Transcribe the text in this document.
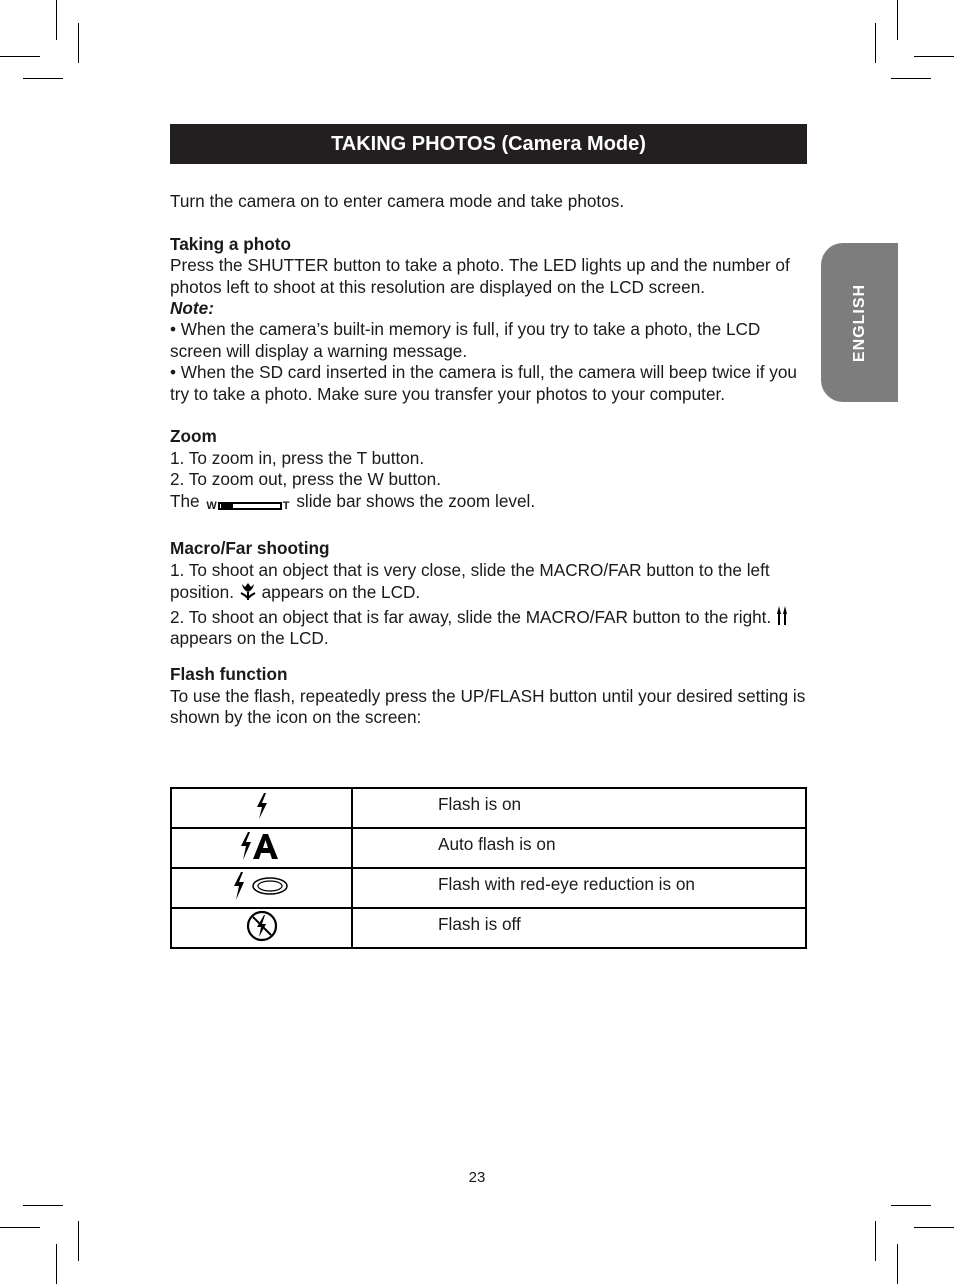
TAKING PHOTOS (Camera Mode)
ENGLISH

Turn the camera on to enter camera mode and take photos.

Taking a photo

Press the SHUTTER button to take a photo. The LED lights up and the number of photos left to shoot at this resolution are displayed on the LCD screen.

Note:

• When the camera’s built-in memory is full, if you try to take a photo, the LCD screen will display a warning message.

• When the SD card inserted in the camera is full, the camera will beep twice if you try to take a photo. Make sure you transfer your photos to your computer.

Zoom

1. To zoom in, press the T button.

2. To zoom out, press the W button.

The W	T slide bar shows the zoom level.

Macro/Far shooting

1. To shoot an object that is very close, slide the MACRO/FAR button to the left position. appears on the LCD.

2. To shoot an object that is far away, slide the MACRO/FAR button to the right.  appears on the LCD.

Flash function

To use the flash, repeatedly press the UP/FLASH button until your desired setting is shown by the icon on the screen:

	Flash is on
	Auto flash is on
	Flash with red-eye reduction is on
	Flash is off
23
